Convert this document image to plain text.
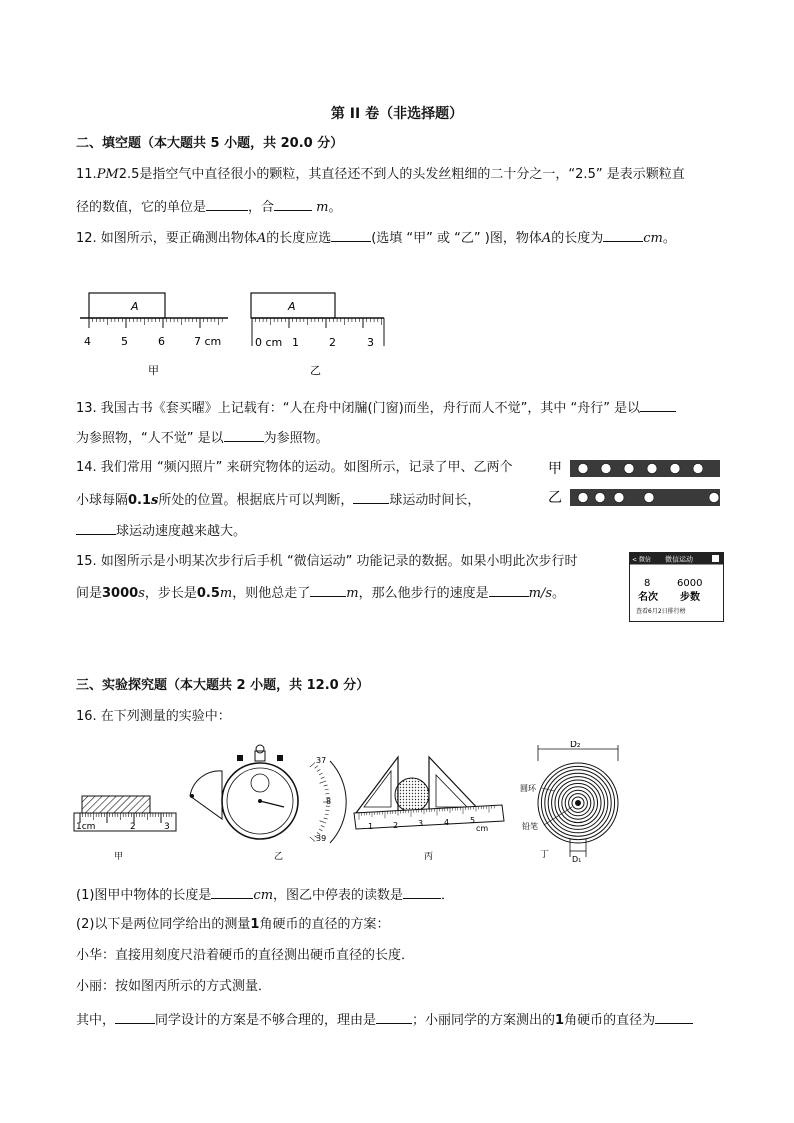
第 II 卷（非选择题）
二、填空题（本大题共 5 小题，共 20.0 分）
11.PM2.5是指空气中直径很小的颗粒，其直径还不到人的头发丝粗细的二十分之一，“2.5” 是表示颗粒直
径的数值，它的单位是	，合	m。
12. 如图所示，要正确测出物体A的长度应选	(选填 “甲” 或 “乙” )图，物体A的长度为	cm。
A
4	5	6	7 cm
甲
A
0 cm 1	2	3
乙
13. 我国古书《套买曜》上记载有：“人在舟中闭牖(门窗)而坐，舟行而人不觉”，其中 “舟行” 是以
为参照物，“人不觉” 是以	为参照物。
14. 我们常用 “频闪照片” 来研究物体的运动。如图所示，记录了甲、乙两个
小球每隔0.1s所处的位置。根据底片可以判断，	球运动时间长，
球运动速度越来越大。
甲
乙
15. 如图所示是小明某次步行后手机 “微信运动” 功能记录的数据。如果小明此次步行时
间是3000s，步长是0.5m，则他总走了	m，那么他步行的速度是	m/s。
< 微信 微信运动
8	6000
名次 步数
查看6月2日排行榜
三、实验探究题（本大题共 2 小题，共 12.0 分）
16. 在下列测量的实验中：
1cm	2	3
甲
37
8
39
乙
1 2 3	4	5
cm
丙
D₂
圆环
铅笔
D₁
丁
(1)图甲中物体的长度是	cm，图乙中停表的读数是	．
(2)以下是两位同学给出的测量1角硬币的直径的方案：
小华：直接用刻度尺沿着硬币的直径测出硬币直径的长度．
小丽：按如图丙所示的方式测量．
其中，	同学设计的方案是不够合理的，理由是	；小丽同学的方案测出的1角硬币的直径为
